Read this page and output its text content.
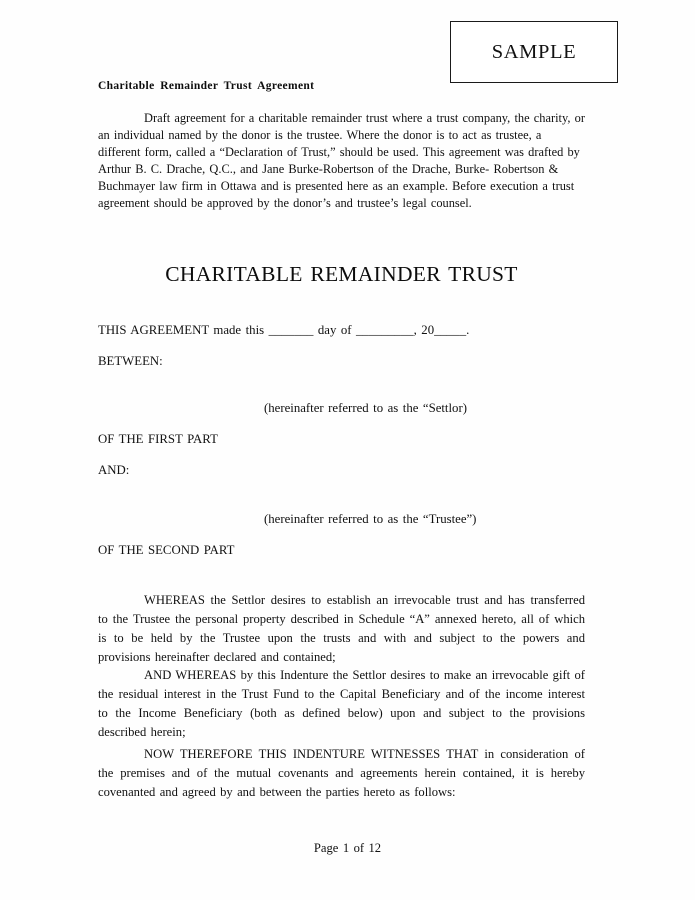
SAMPLE
Charitable Remainder Trust Agreement
Draft agreement for a charitable remainder trust where a trust company, the charity, or an individual named by the donor is the trustee. Where the donor is to act as trustee, a different form, called a “Declaration of Trust,” should be used. This agreement was drafted by Arthur B. C. Drache, Q.C., and Jane Burke-Robertson of the Drache, Burke- Robertson & Buchmayer law firm in Ottawa and is presented here as an example. Before execution a trust agreement should be approved by the donor’s and trustee’s legal counsel.
CHARITABLE REMAINDER TRUST
THIS AGREEMENT made this _______ day of _________, 20_____.
BETWEEN:
(hereinafter referred to as the “Settlor)
OF THE FIRST PART
AND:
(hereinafter referred to as the “Trustee”)
OF THE SECOND PART
WHEREAS the Settlor desires to establish an irrevocable trust and has transferred to the Trustee the personal property described in Schedule “A” annexed hereto, all of which is to be held by the Trustee upon the trusts and with and subject to the powers and provisions hereinafter declared and contained;
AND WHEREAS by this Indenture the Settlor desires to make an irrevocable gift of the residual interest in the Trust Fund to the Capital Beneficiary and of the income interest to the Income Beneficiary (both as defined below) upon and subject to the provisions described herein;
NOW THEREFORE THIS INDENTURE WITNESSES THAT in consideration of the premises and of the mutual covenants and agreements herein contained, it is hereby covenanted and agreed by and between the parties hereto as follows:
Page 1 of 12
